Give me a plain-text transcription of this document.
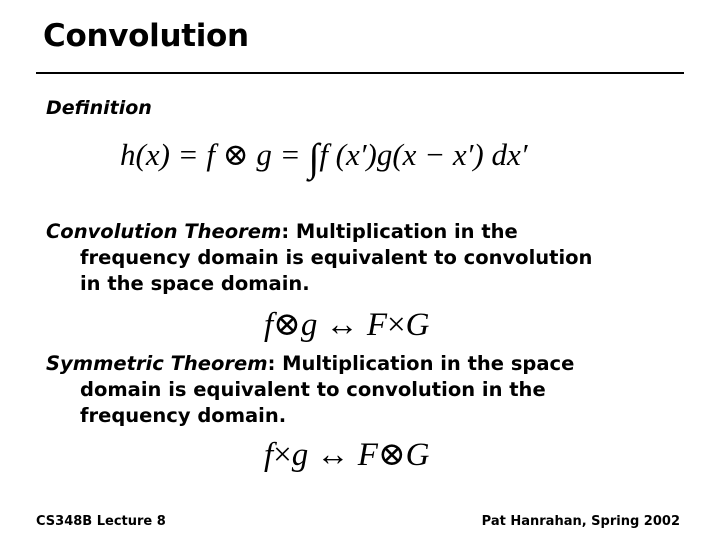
Convolution
Definition
h(x) = f ⊗ g = ∫f (x′)g(x − x′) dx′
Convolution Theorem: Multiplication in the
frequency domain is equivalent to convolution
in the space domain.
f⊗g ↔ F×G
Symmetric Theorem: Multiplication in the space
domain is equivalent to convolution in the
frequency domain.
f×g ↔ F⊗G
CS348B Lecture 8	Pat Hanrahan, Spring 2002
